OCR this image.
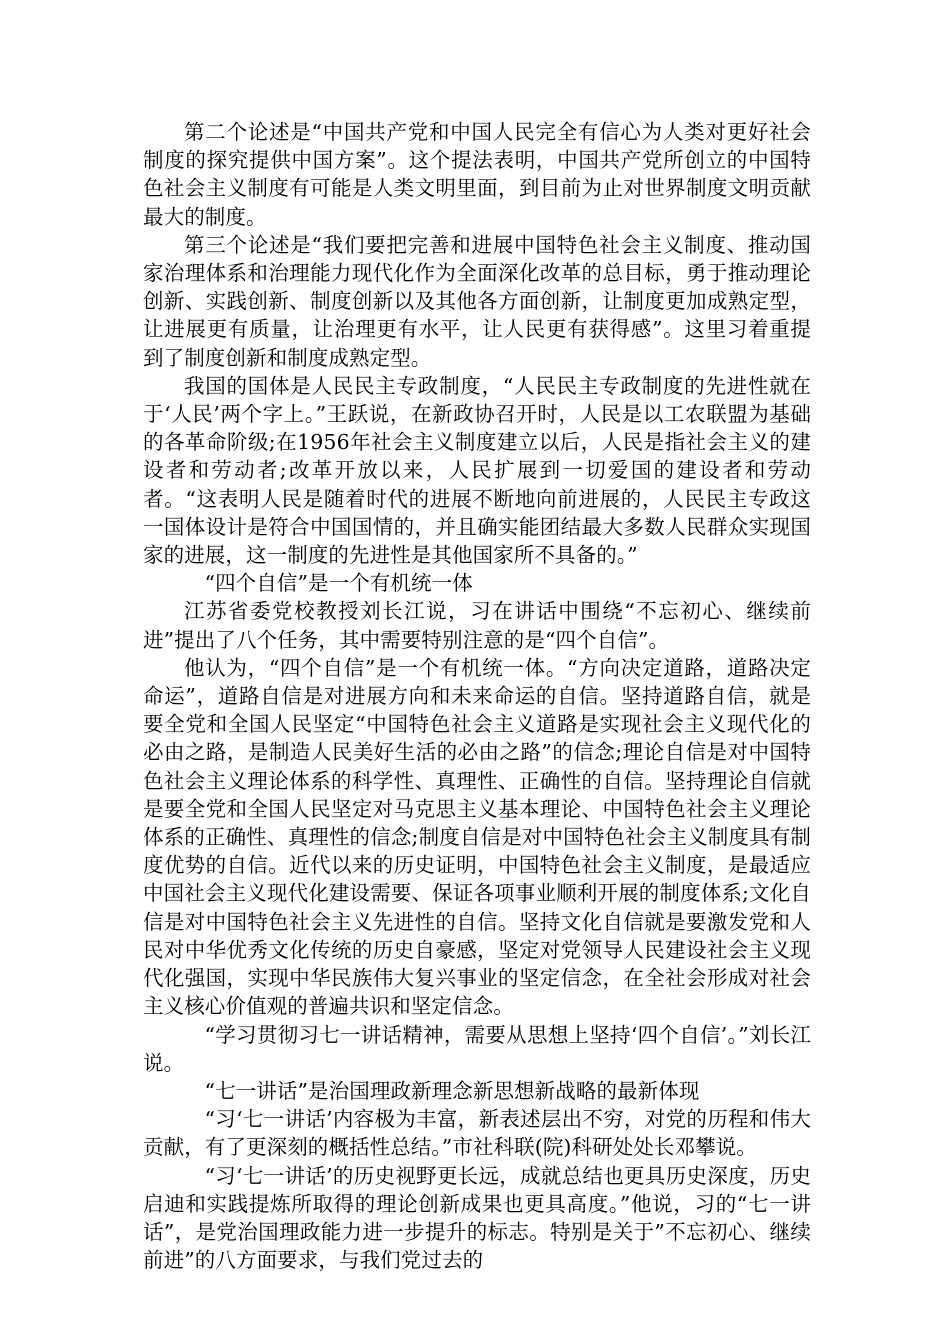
第二个论述是“中国共产党和中国人民完全有信心为人类对更好社会制度的探究提供中国方案”。这个提法表明，中国共产党所创立的中国特色社会主义制度有可能是人类文明里面，到目前为止对世界制度文明贡献最大的制度。

第三个论述是“我们要把完善和进展中国特色社会主义制度、推动国家治理体系和治理能力现代化作为全面深化改革的总目标，勇于推动理论创新、实践创新、制度创新以及其他各方面创新，让制度更加成熟定型，让进展更有质量，让治理更有水平，让人民更有获得感”。这里习着重提到了制度创新和制度成熟定型。

我国的国体是人民民主专政制度，“人民民主专政制度的先进性就在于‘人民’两个字上。”王跃说，在新政协召开时，人民是以工农联盟为基础的各革命阶级;在1956年社会主义制度建立以后，人民是指社会主义的建设者和劳动者;改革开放以来，人民扩展到一切爱国的建设者和劳动者。“这表明人民是随着时代的进展不断地向前进展的，人民民主专政这一国体设计是符合中国国情的，并且确实能团结最大多数人民群众实现国家的进展，这一制度的先进性是其他国家所不具备的。”

“四个自信”是一个有机统一体

江苏省委党校教授刘长江说，习在讲话中围绕“不忘初心、继续前进”提出了八个任务，其中需要特别注意的是“四个自信”。

他认为，“四个自信”是一个有机统一体。“方向决定道路，道路决定命运”，道路自信是对进展方向和未来命运的自信。坚持道路自信，就是要全党和全国人民坚定“中国特色社会主义道路是实现社会主义现代化的必由之路，是制造人民美好生活的必由之路”的信念;理论自信是对中国特色社会主义理论体系的科学性、真理性、正确性的自信。坚持理论自信就是要全党和全国人民坚定对马克思主义基本理论、中国特色社会主义理论体系的正确性、真理性的信念;制度自信是对中国特色社会主义制度具有制度优势的自信。近代以来的历史证明，中国特色社会主义制度，是最适应中国社会主义现代化建设需要、保证各项事业顺利开展的制度体系;文化自信是对中国特色社会主义先进性的自信。坚持文化自信就是要激发党和人民对中华优秀文化传统的历史自豪感，坚定对党领导人民建设社会主义现代化强国，实现中华民族伟大复兴事业的坚定信念，在全社会形成对社会主义核心价值观的普遍共识和坚定信念。

“学习贯彻习七一讲话精神，需要从思想上坚持‘四个自信’。”刘长江说。

“七一讲话”是治国理政新理念新思想新战略的最新体现

“习‘七一讲话’内容极为丰富，新表述层出不穷，对党的历程和伟大贡献，有了更深刻的概括性总结。”市社科联(院)科研处处长邓攀说。

“习‘七一讲话’的历史视野更长远，成就总结也更具历史深度，历史启迪和实践提炼所取得的理论创新成果也更具高度。”他说，习的“七一讲话”，是党治国理政能力进一步提升的标志。特别是关于”不忘初心、继续前进”的八方面要求，与我们党过去的
